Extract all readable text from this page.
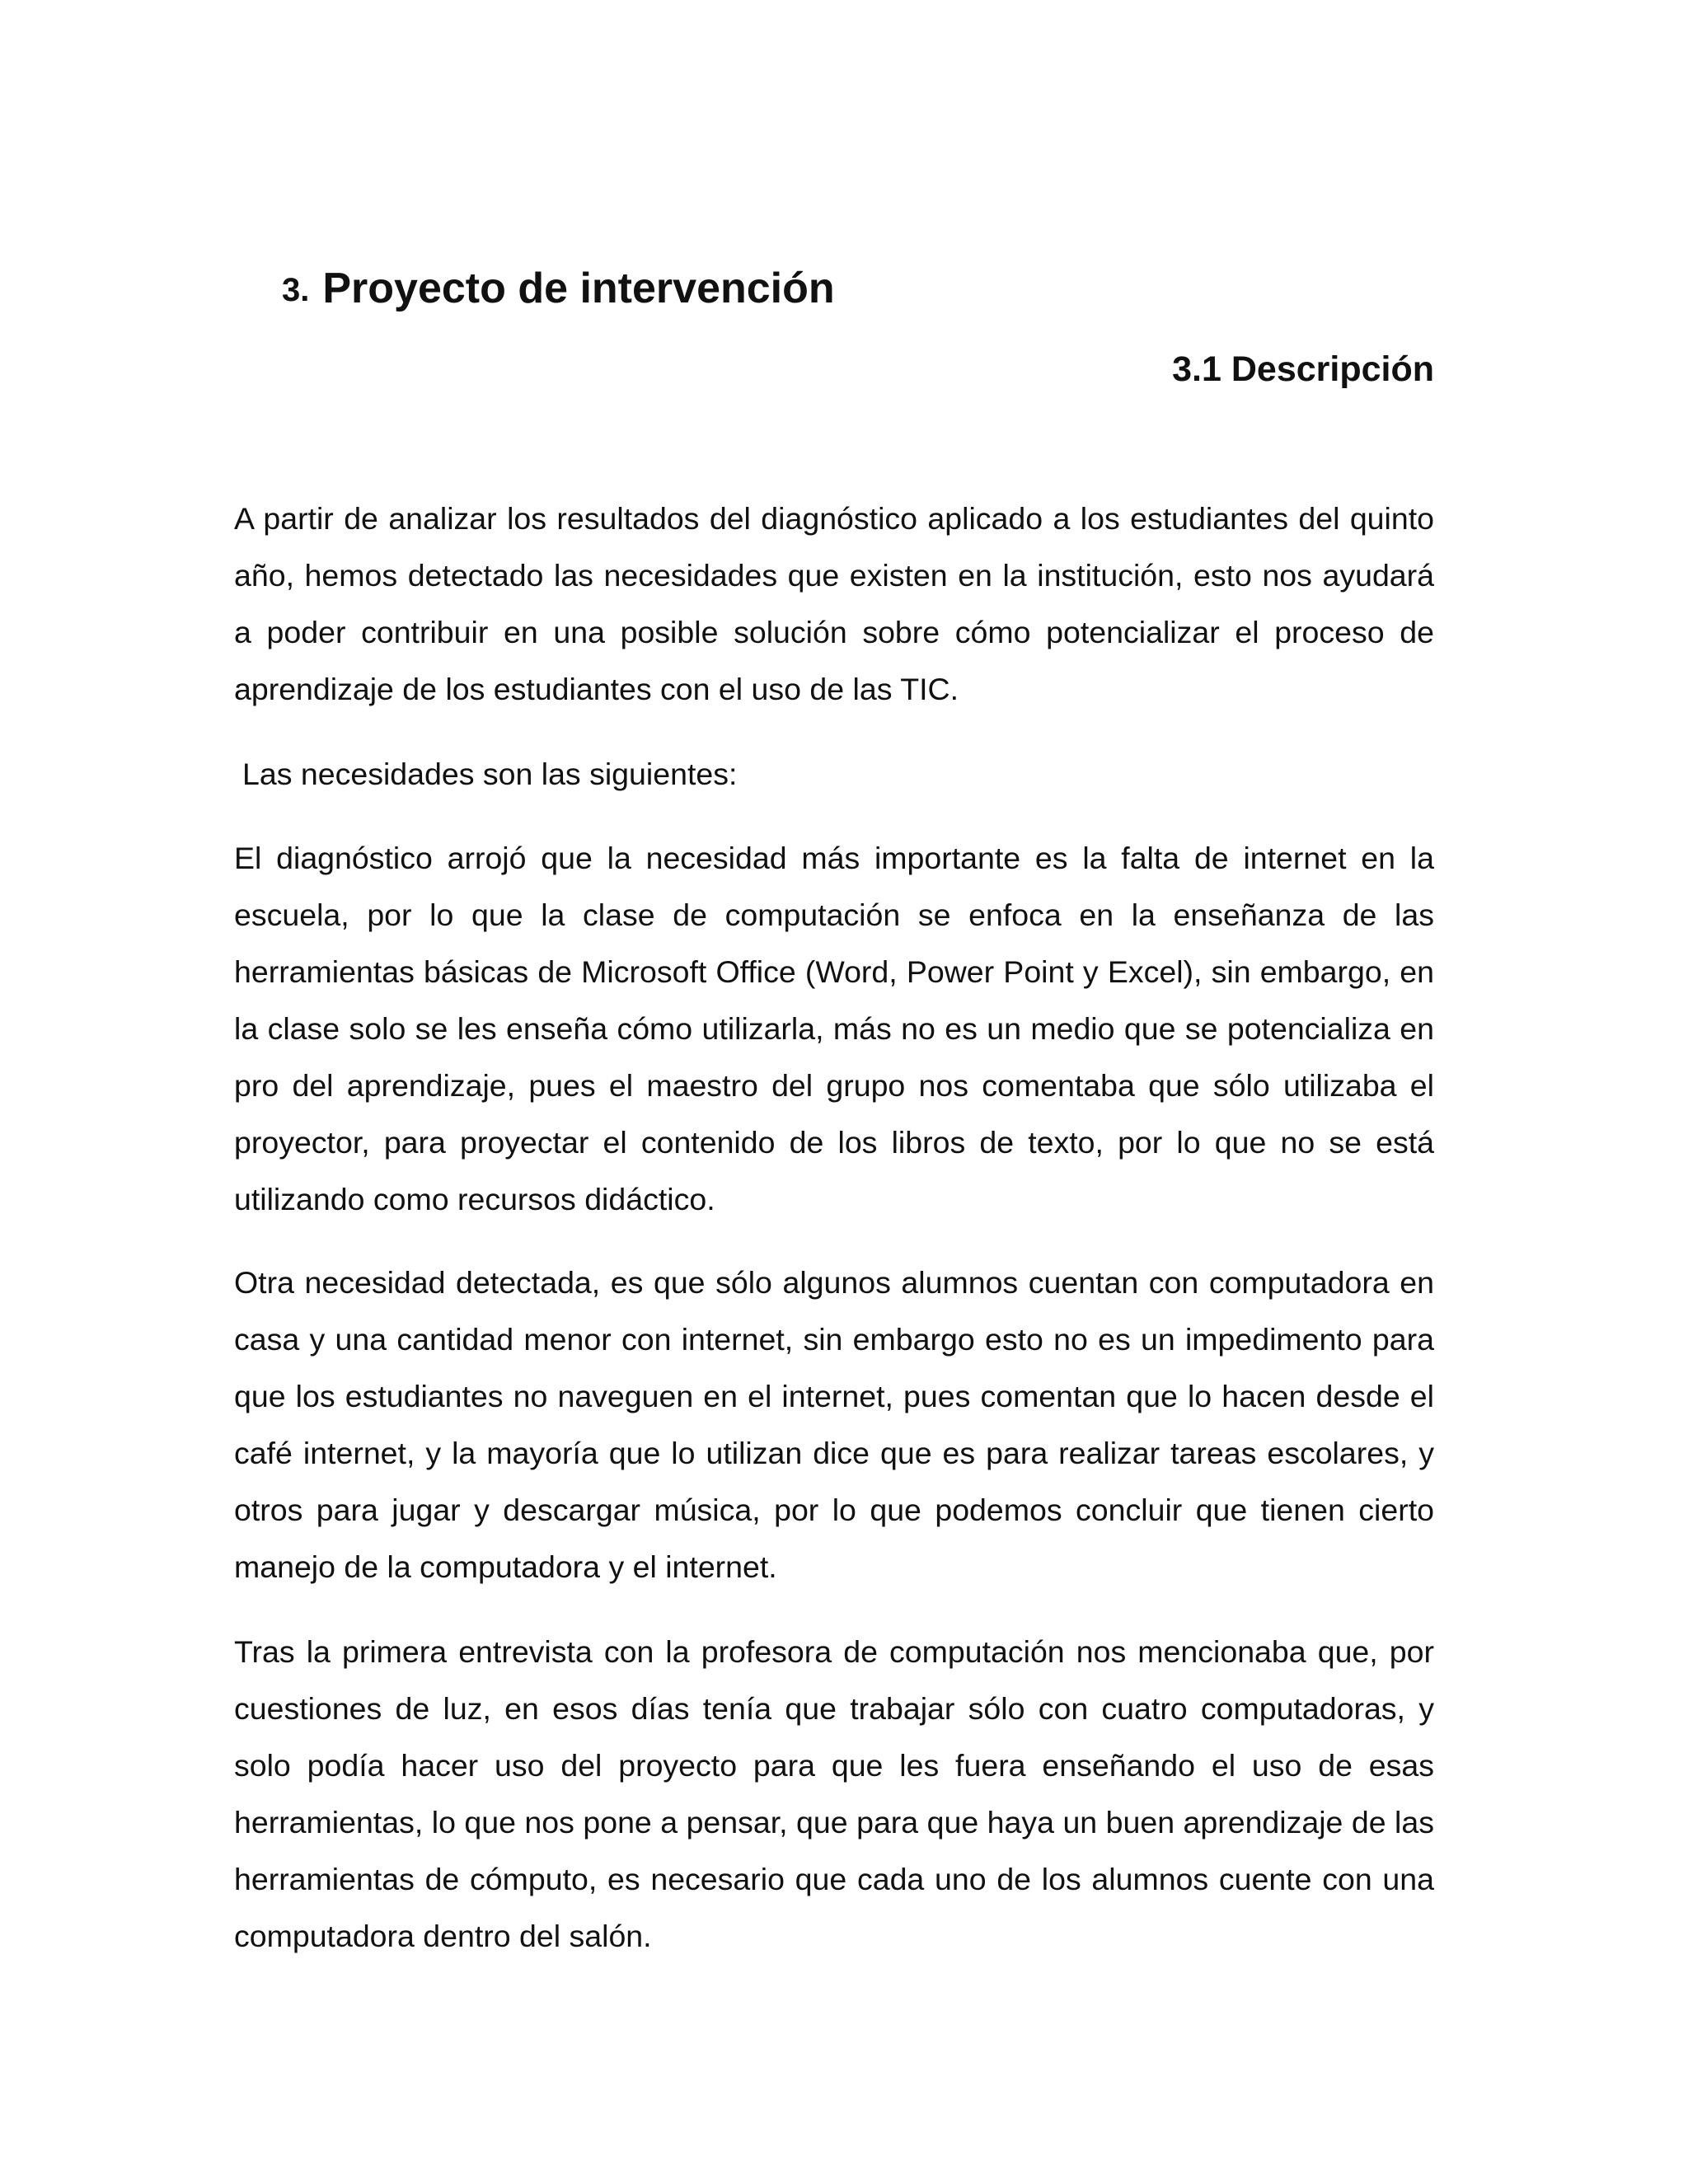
3. Proyecto de intervención
3.1 Descripción

A partir de analizar los resultados del diagnóstico aplicado a los estudiantes del quinto año, hemos detectado las necesidades que existen en la institución, esto nos ayudará a poder contribuir en una posible solución sobre cómo potencializar el proceso de aprendizaje de los estudiantes con el uso de las TIC.

Las necesidades son las siguientes:

El diagnóstico arrojó que la necesidad más importante es la falta de internet en la escuela, por lo que la clase de computación se enfoca en la enseñanza de las herramientas básicas de Microsoft Office (Word, Power Point y Excel), sin embargo, en la clase solo se les enseña cómo utilizarla, más no es un medio que se potencializa en pro del aprendizaje, pues el maestro del grupo nos comentaba que sólo utilizaba el proyector, para proyectar el contenido de los libros de texto, por lo que no se está utilizando como recursos didáctico.

Otra necesidad detectada, es que sólo algunos alumnos cuentan con computadora en casa y una cantidad menor con internet, sin embargo esto no es un impedimento para que los estudiantes no naveguen en el internet, pues comentan que lo hacen desde el café internet, y la mayoría que lo utilizan dice que es para realizar tareas escolares, y otros para jugar y descargar música, por lo que podemos concluir que tienen cierto manejo de la computadora y el internet.

Tras la primera entrevista con la profesora de computación nos mencionaba que, por cuestiones de luz, en esos días tenía que trabajar sólo con cuatro computadoras, y solo podía hacer uso del proyecto para que les fuera enseñando el uso de esas herramientas, lo que nos pone a pensar, que para que haya un buen aprendizaje de las herramientas de cómputo, es necesario que cada uno de los alumnos cuente con una computadora dentro del salón.
